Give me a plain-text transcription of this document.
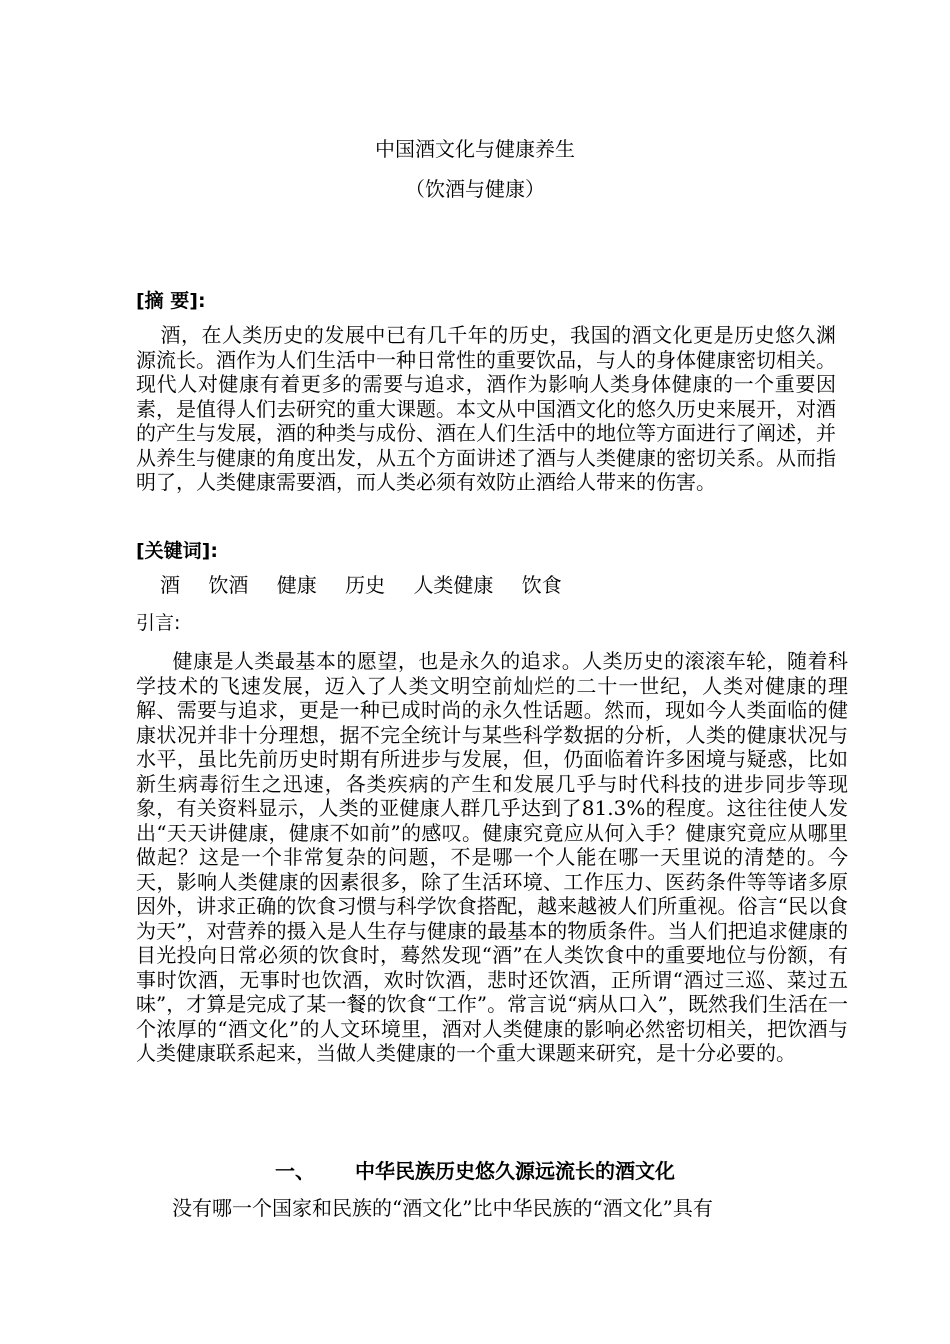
中国酒文化与健康养生
（饮酒与健康）
[摘 要]:
酒，在人类历史的发展中已有几千年的历史，我国的酒文化更是历史悠久渊源流长。酒作为人们生活中一种日常性的重要饮品，与人的身体健康密切相关。现代人对健康有着更多的需要与追求，酒作为影响人类身体健康的一个重要因素，是值得人们去研究的重大课题。本文从中国酒文化的悠久历史来展开，对酒的产生与发展，酒的种类与成份、酒在人们生活中的地位等方面进行了阐述，并从养生与健康的角度出发，从五个方面讲述了酒与人类健康的密切关系。从而指明了，人类健康需要酒，而人类必须有效防止酒给人带来的伤害。
[关键词]:
酒 饮酒 健康 历史 人类健康 饮食
引言:
健康是人类最基本的愿望，也是永久的追求。人类历史的滚滚车轮，随着科学技术的飞速发展，迈入了人类文明空前灿烂的二十一世纪，人类对健康的理解、需要与追求，更是一种已成时尚的永久性话题。然而，现如今人类面临的健康状况并非十分理想，据不完全统计与某些科学数据的分析，人类的健康状况与水平，虽比先前历史时期有所进步与发展，但，仍面临着许多困境与疑惑，比如新生病毒衍生之迅速，各类疾病的产生和发展几乎与时代科技的进步同步等现象，有关资料显示，人类的亚健康人群几乎达到了81.3%的程度。这往往使人发出“天天讲健康，健康不如前”的感叹。健康究竟应从何入手？健康究竟应从哪里做起？这是一个非常复杂的问题，不是哪一个人能在哪一天里说的清楚的。今天，影响人类健康的因素很多，除了生活环境、工作压力、医药条件等等诸多原因外，讲求正确的饮食习惯与科学饮食搭配，越来越被人们所重视。俗言“民以食为天”，对营养的摄入是人生存与健康的最基本的物质条件。当人们把追求健康的目光投向日常必须的饮食时，蓦然发现“酒”在人类饮食中的重要地位与份额，有事时饮酒，无事时也饮酒，欢时饮酒，悲时还饮酒，正所谓“酒过三巡、菜过五味”，才算是完成了某一餐的饮食“工作”。常言说“病从口入”，既然我们生活在一个浓厚的“酒文化”的人文环境里，酒对人类健康的影响必然密切相关，把饮酒与人类健康联系起来，当做人类健康的一个重大课题来研究，是十分必要的。
一、 中华民族历史悠久源远流长的酒文化
没有哪一个国家和民族的“酒文化”比中华民族的“酒文化”具有
